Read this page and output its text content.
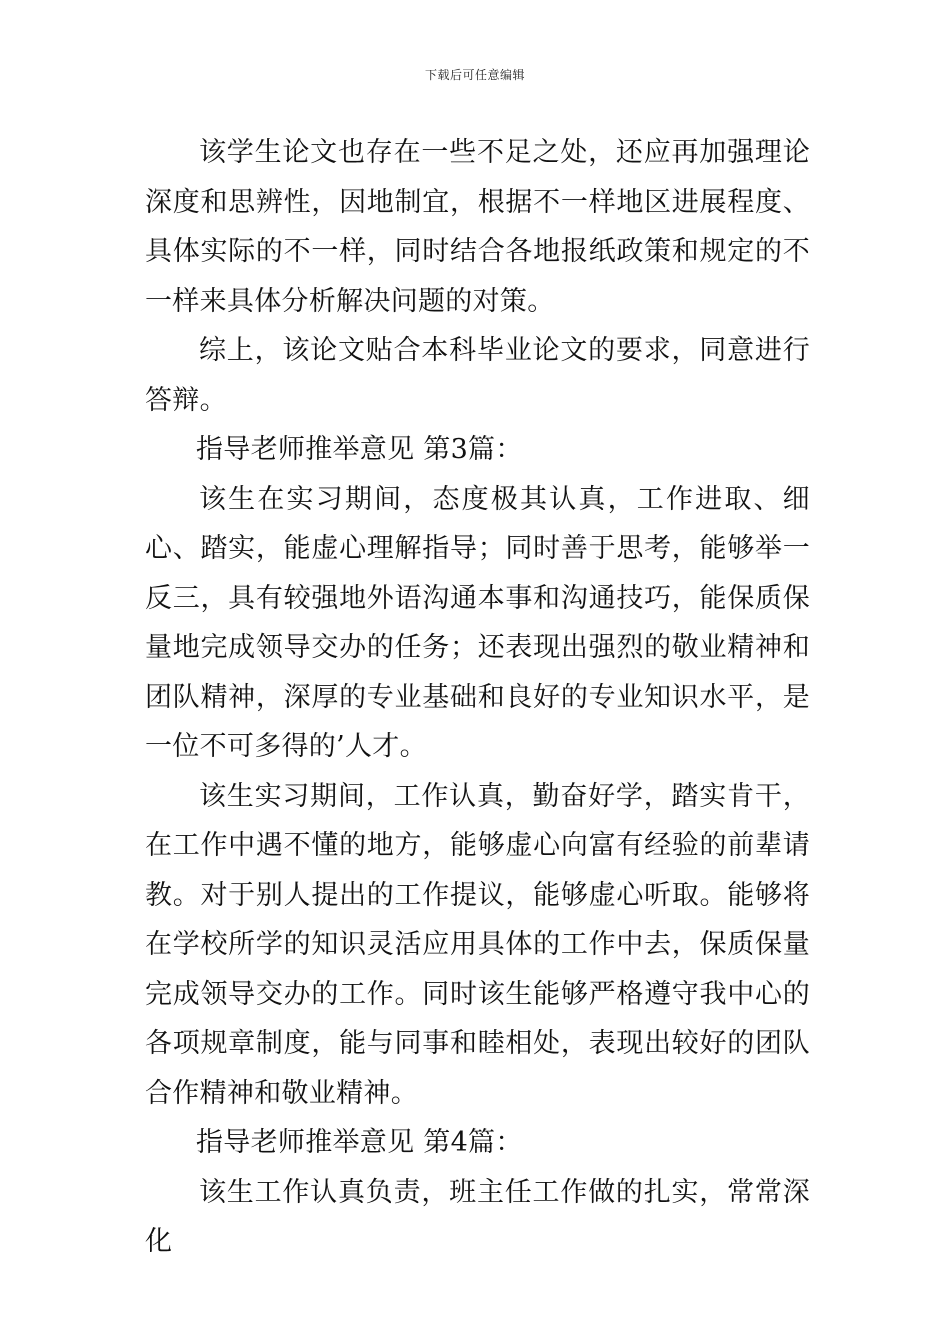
下载后可任意编辑

该学生论文也存在一些不足之处，还应再加强理论深度和思辨性，因地制宜，根据不一样地区进展程度、具体实际的不一样，同时结合各地报纸政策和规定的不一样来具体分析解决问题的对策。

综上，该论文贴合本科毕业论文的要求，同意进行答辩。

指导老师推举意见 第3篇：

该生在实习期间，态度极其认真，工作进取、细心、踏实，能虚心理解指导；同时善于思考，能够举一反三，具有较强地外语沟通本事和沟通技巧，能保质保量地完成领导交办的任务；还表现出强烈的敬业精神和团队精神，深厚的专业基础和良好的专业知识水平，是一位不可多得的’人才。

该生实习期间，工作认真，勤奋好学，踏实肯干，在工作中遇不懂的地方，能够虚心向富有经验的前辈请教。对于别人提出的工作提议，能够虚心听取。能够将在学校所学的知识灵活应用具体的工作中去，保质保量完成领导交办的工作。同时该生能够严格遵守我中心的各项规章制度，能与同事和睦相处，表现出较好的团队合作精神和敬业精神。

指导老师推举意见 第4篇：

该生工作认真负责，班主任工作做的扎实，常常深化
